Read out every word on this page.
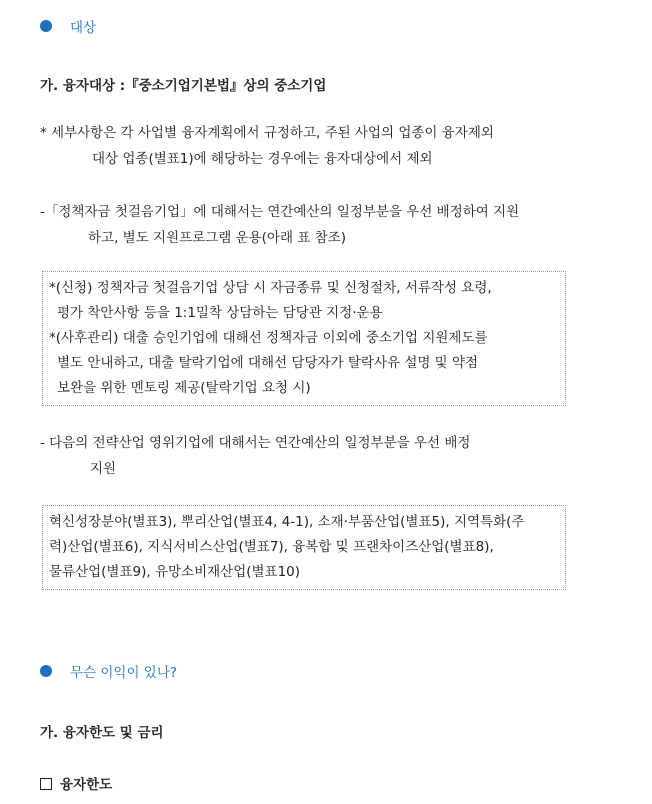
대상
가. 융자대상 :『중소기업기본법』상의 중소기업
* 세부사항은 각 사업별 융자계획에서 규정하고, 주된 사업의 업종이 융자제외
대상 업종(별표1)에 해당하는 경우에는 융자대상에서 제외
-「정책자금 첫걸음기업」에 대해서는 연간예산의 일정부분을 우선 배정하여 지원
하고, 별도 지원프로그램 운용(아래 표 참조)
*(신청) 정책자금 첫걸음기업 상담 시 자금종류 및 신청절차, 서류작성 요령,
평가 착안사항 등을 1:1밀착 상담하는 담당관 지정·운용
*(사후관리) 대출 승인기업에 대해선 정책자금 이외에 중소기업 지원제도를
별도 안내하고, 대출 탈락기업에 대해선 담당자가 탈락사유 설명 및 약점
보완을 위한 멘토링 제공(탈락기업 요청 시)
- 다음의 전략산업 영위기업에 대해서는 연간예산의 일정부분을 우선 배정
지원
혁신성장분야(별표3), 뿌리산업(별표4, 4-1), 소재·부품산업(별표5), 지역특화(주
력)산업(별표6), 지식서비스산업(별표7), 융복합 및 프랜차이즈산업(별표8),
물류산업(별표9), 유망소비재산업(별표10)
무슨 이익이 있나?
가. 융자한도 및 금리
융자한도
